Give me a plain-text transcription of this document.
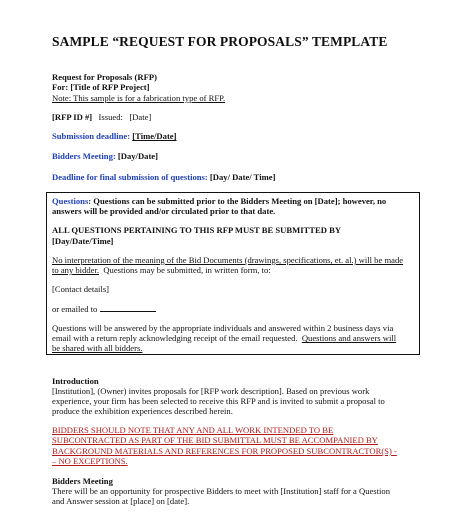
SAMPLE “REQUEST FOR PROPOSALS” TEMPLATE
Request for Proposals (RFP)
For: [Title of RFP Project]
Note: This sample is for a fabrication type of RFP.
[RFP ID #]   Issued:   [Date]
Submission deadline: [Time/Date]
Bidders Meeting: [Day/Date]
Deadline for final submission of questions: [Day/ Date/ Time]
Questions: Questions can be submitted prior to the Bidders Meeting on [Date]; however, no
answers will be provided and/or circulated prior to that date.
ALL QUESTIONS PERTAINING TO THIS RFP MUST BE SUBMITTED BY
[Day/Date/Time]
No interpretation of the meaning of the Bid Documents (drawings, specifications, et. al.) will be made
to any bidder.  Questions may be submitted, in written form, to:
[Contact details]
or emailed to
Questions will be answered by the appropriate individuals and answered within 2 business days via
email with a return reply acknowledging receipt of the email requested.  Questions and answers will
be shared with all bidders.
Introduction
[Institution], (Owner) invites proposals for [RFP work description]. Based on previous work
experience, your firm has been selected to receive this RFP and is invited to submit a proposal to
produce the exhibition experiences described herein.
BIDDERS SHOULD NOTE THAT ANY AND ALL WORK INTENDED TO BE
SUBCONTRACTED AS PART OF THE BID SUBMITTAL MUST BE ACCOMPANIED BY
BACKGROUND MATERIALS AND REFERENCES FOR PROPOSED SUBCONTRACTOR(S) -
– NO EXCEPTIONS.
Bidders Meeting
There will be an opportunity for prospective Bidders to meet with [Institution] staff for a Question
and Answer session at [place] on [date].
